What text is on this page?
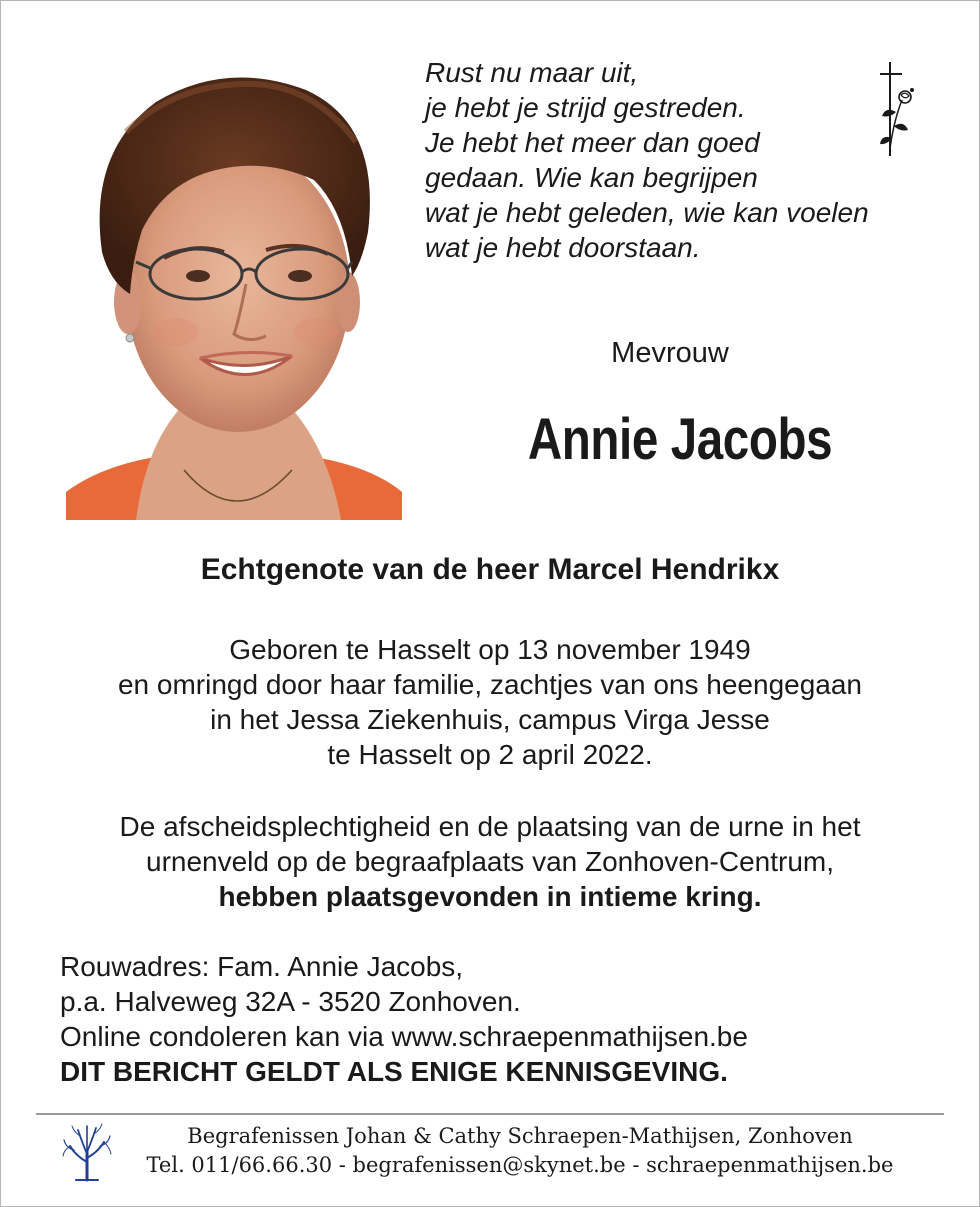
Rust nu maar uit,
je hebt je strijd gestreden.
Je hebt het meer dan goed
gedaan. Wie kan begrijpen
wat je hebt geleden, wie kan voelen
wat je hebt doorstaan.
Mevrouw
Annie Jacobs
Echtgenote van de heer Marcel Hendrikx
Geboren te Hasselt op 13 november 1949
en omringd door haar familie, zachtjes van ons heengegaan
in het Jessa Ziekenhuis, campus Virga Jesse
te Hasselt op 2 april 2022.
De afscheidsplechtigheid en de plaatsing van de urne in het
urnenveld op de begraafplaats van Zonhoven-Centrum,
hebben plaatsgevonden in intieme kring.
Rouwadres: Fam. Annie Jacobs,
p.a. Halveweg 32A - 3520 Zonhoven.
Online condoleren kan via www.schraepenmathijsen.be
DIT BERICHT GELDT ALS ENIGE KENNISGEVING.
Begrafenissen Johan & Cathy Schraepen-Mathijsen, Zonhoven
Tel. 011/66.66.30 - begrafenissen@skynet.be - schraepenmathijsen.be
